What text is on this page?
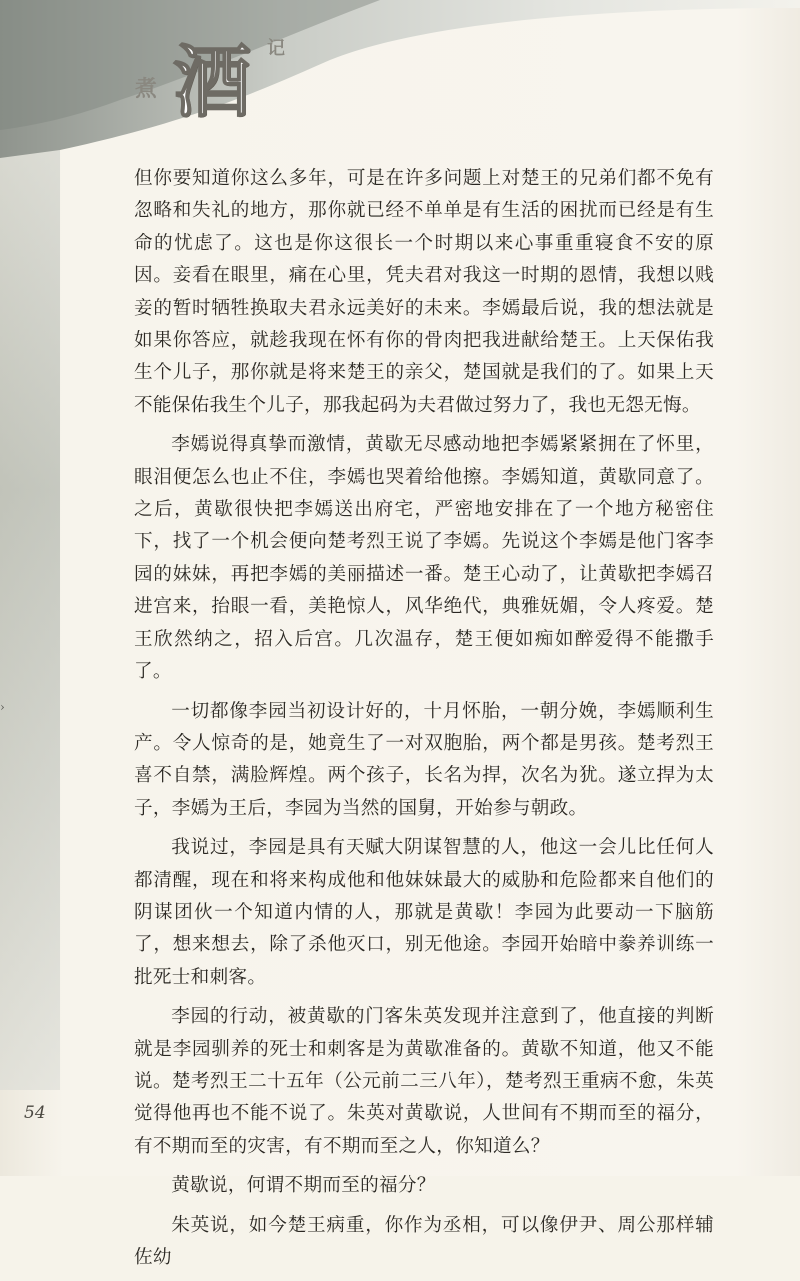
›
煮 酒 记

但你要知道你这么多年，可是在许多问题上对楚王的兄弟们都不免有忽略和失礼的地方，那你就已经不单单是有生活的困扰而已经是有生命的忧虑了。这也是你这很长一个时期以来心事重重寝食不安的原因。妾看在眼里，痛在心里，凭夫君对我这一时期的恩情，我想以贱妾的暂时牺牲换取夫君永远美好的未来。李嫣最后说，我的想法就是如果你答应，就趁我现在怀有你的骨肉把我进献给楚王。上天保佑我生个儿子，那你就是将来楚王的亲父，楚国就是我们的了。如果上天不能保佑我生个儿子，那我起码为夫君做过努力了，我也无怨无悔。

李嫣说得真挚而激情，黄歇无尽感动地把李嫣紧紧拥在了怀里，眼泪便怎么也止不住，李嫣也哭着给他擦。李嫣知道，黄歇同意了。之后，黄歇很快把李嫣送出府宅，严密地安排在了一个地方秘密住下，找了一个机会便向楚考烈王说了李嫣。先说这个李嫣是他门客李园的妹妹，再把李嫣的美丽描述一番。楚王心动了，让黄歇把李嫣召进宫来，抬眼一看，美艳惊人，风华绝代，典雅妩媚，令人疼爱。楚王欣然纳之，招入后宫。几次温存，楚王便如痴如醉爱得不能撒手了。

一切都像李园当初设计好的，十月怀胎，一朝分娩，李嫣顺利生产。令人惊奇的是，她竟生了一对双胞胎，两个都是男孩。楚考烈王喜不自禁，满脸辉煌。两个孩子，长名为捍，次名为犹。遂立捍为太子，李嫣为王后，李园为当然的国舅，开始参与朝政。

我说过，李园是具有天赋大阴谋智慧的人，他这一会儿比任何人都清醒，现在和将来构成他和他妹妹最大的威胁和危险都来自他们的阴谋团伙一个知道内情的人，那就是黄歇！李园为此要动一下脑筋了，想来想去，除了杀他灭口，别无他途。李园开始暗中豢养训练一批死士和刺客。

李园的行动，被黄歇的门客朱英发现并注意到了，他直接的判断就是李园驯养的死士和刺客是为黄歇准备的。黄歇不知道，他又不能说。楚考烈王二十五年（公元前二三八年），楚考烈王重病不愈，朱英觉得他再也不能不说了。朱英对黄歇说，人世间有不期而至的福分，有不期而至的灾害，有不期而至之人，你知道么？

黄歇说，何谓不期而至的福分？

朱英说，如今楚王病重，你作为丞相，可以像伊尹、周公那样辅佐幼

54
